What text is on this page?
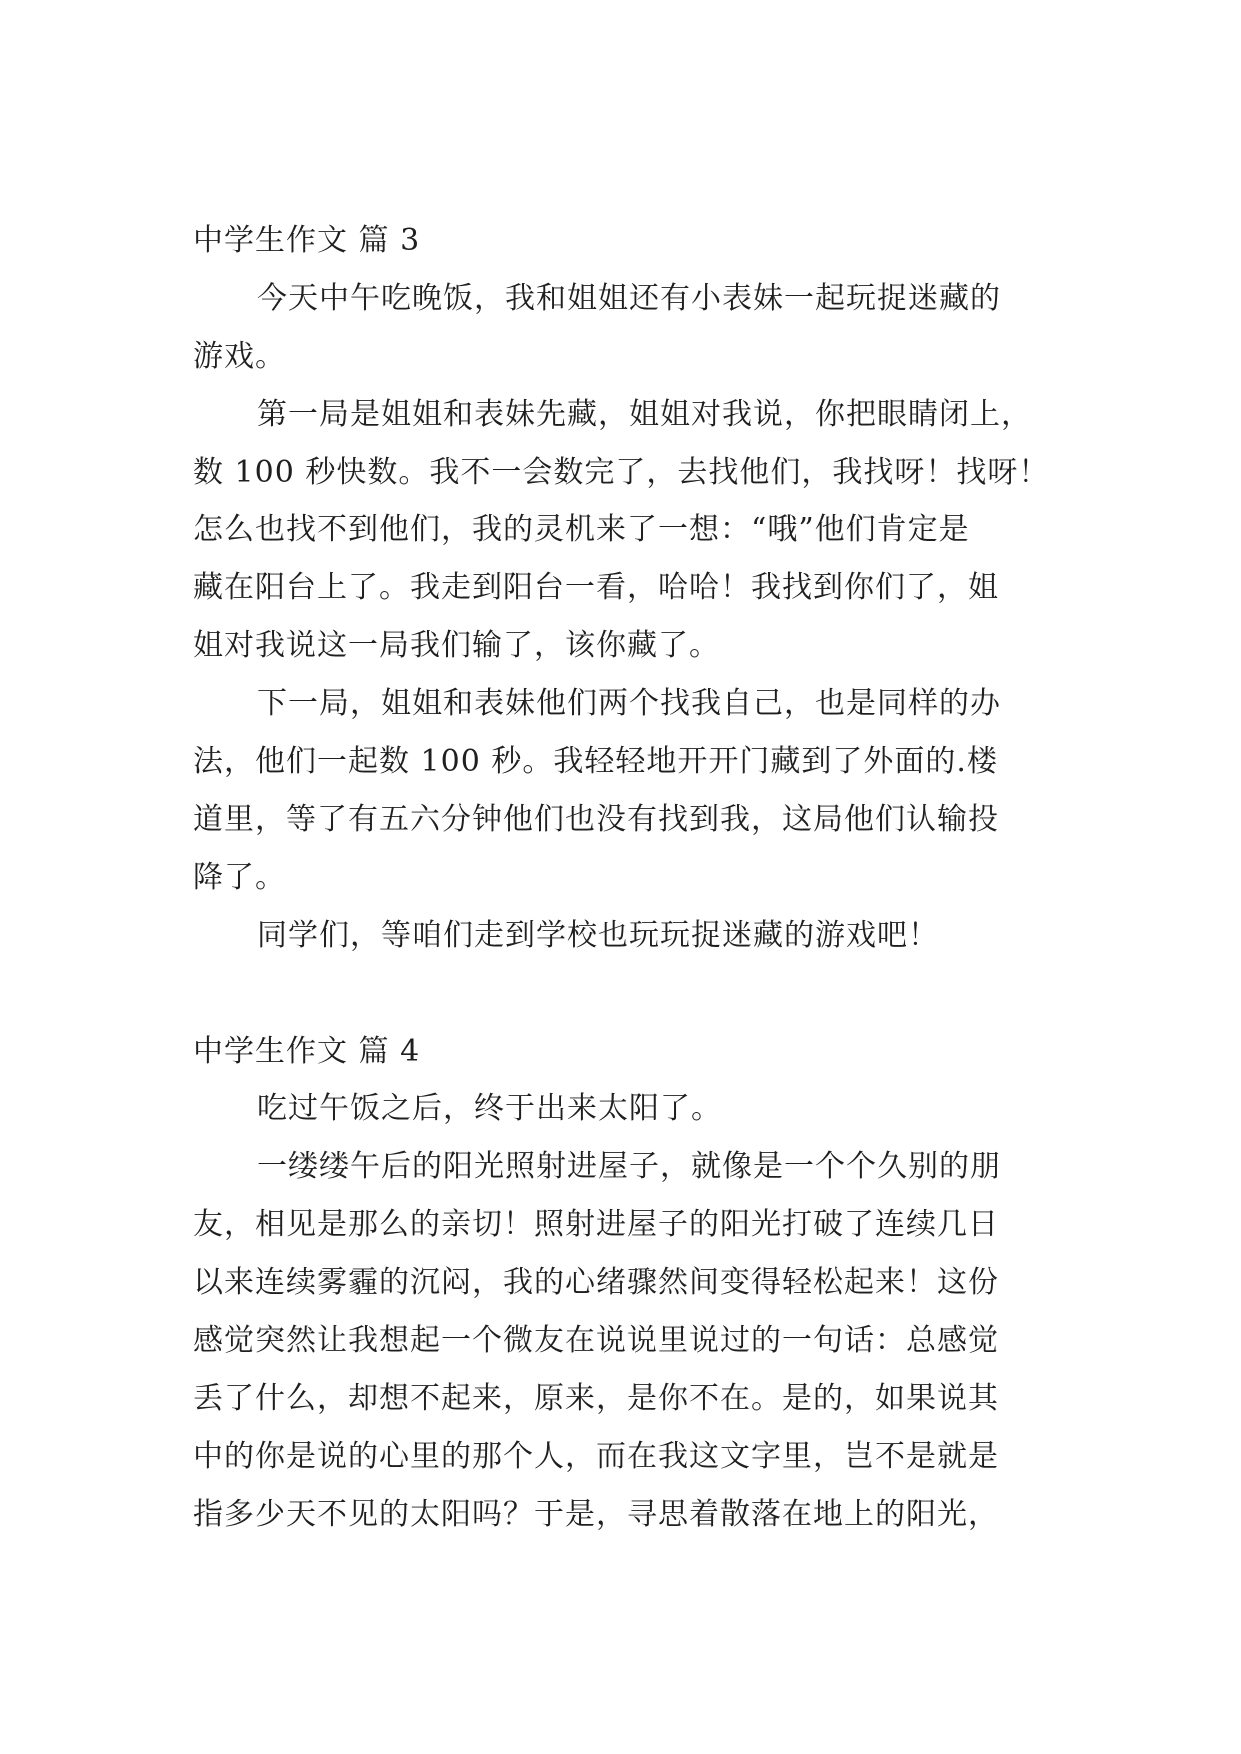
中学生作文 篇 3
今天中午吃晚饭，我和姐姐还有小表妹一起玩捉迷藏的
游戏。
第一局是姐姐和表妹先藏，姐姐对我说，你把眼睛闭上，
数 100 秒快数。我不一会数完了，去找他们，我找呀！找呀！
怎么也找不到他们，我的灵机来了一想：“哦”他们肯定是
藏在阳台上了。我走到阳台一看，哈哈！我找到你们了，姐
姐对我说这一局我们输了，该你藏了。
下一局，姐姐和表妹他们两个找我自己，也是同样的办
法，他们一起数 100 秒。我轻轻地开开门藏到了外面的.楼
道里，等了有五六分钟他们也没有找到我，这局他们认输投
降了。
同学们，等咱们走到学校也玩玩捉迷藏的游戏吧！
中学生作文 篇 4
吃过午饭之后，终于出来太阳了。
一缕缕午后的阳光照射进屋子，就像是一个个久别的朋
友，相见是那么的亲切！照射进屋子的阳光打破了连续几日
以来连续雾霾的沉闷，我的心绪骤然间变得轻松起来！这份
感觉突然让我想起一个微友在说说里说过的一句话：总感觉
丢了什么，却想不起来，原来，是你不在。是的，如果说其
中的你是说的心里的那个人，而在我这文字里，岂不是就是
指多少天不见的太阳吗？于是，寻思着散落在地上的阳光，
